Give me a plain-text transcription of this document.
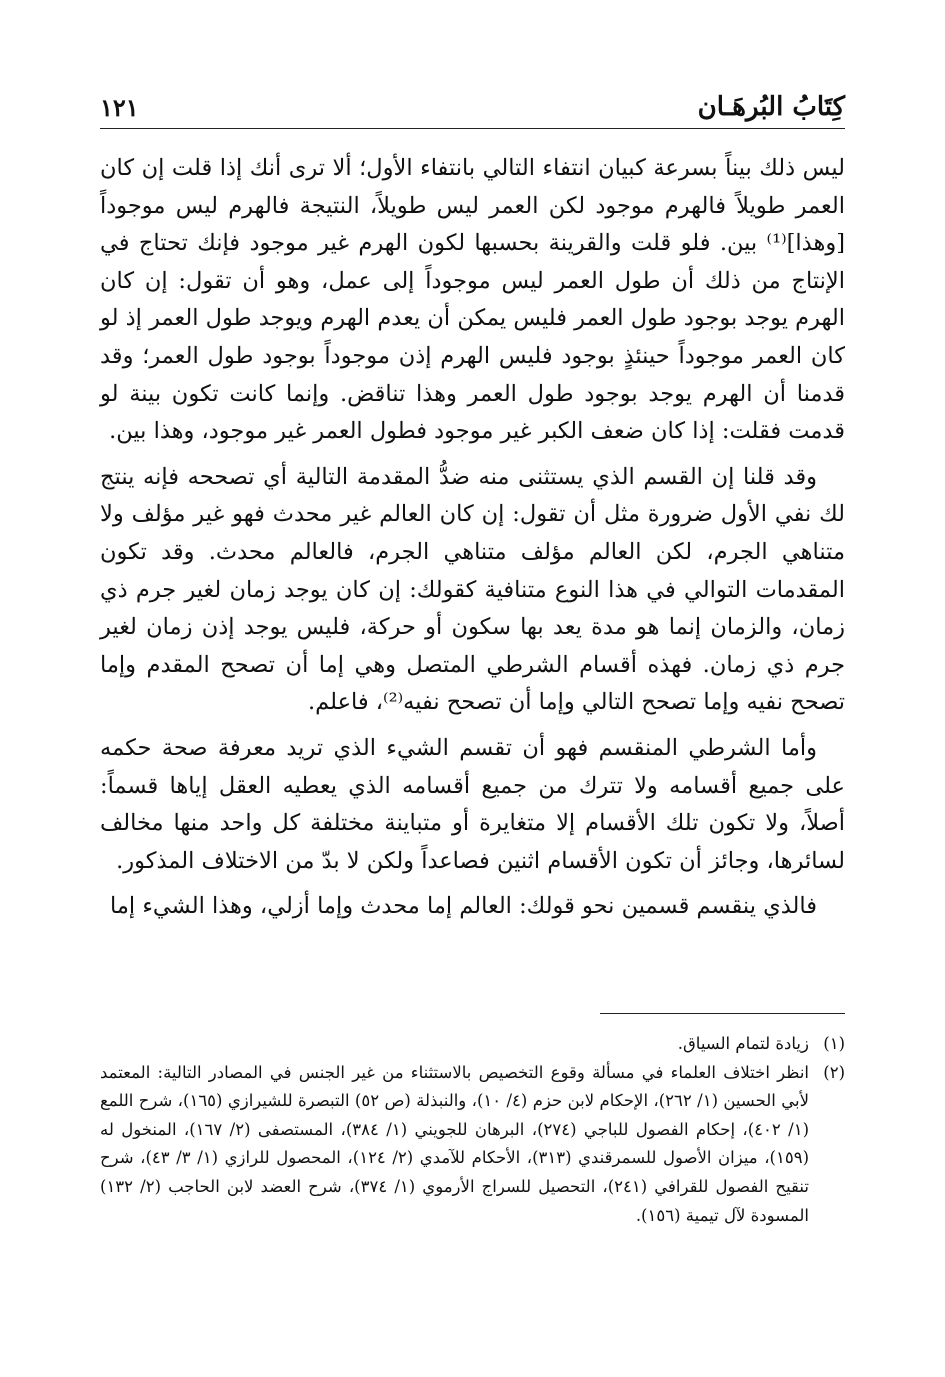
كِتَابُ البُرهَـان
١٢١

ليس ذلك بيناً بسرعة كبيان انتفاء التالي بانتفاء الأول؛ ألا ترى أنك إذا قلت إن كان العمر طويلاً فالهرم موجود لكن العمر ليس طويلاً، النتيجة فالهرم ليس موجوداً [وهذا]⁽¹⁾ بين. فلو قلت والقرينة بحسبها لكون الهرم غير موجود فإنك تحتاج في الإنتاج من ذلك أن طول العمر ليس موجوداً إلى عمل، وهو أن تقول: إن كان الهرم يوجد بوجود طول العمر فليس يمكن أن يعدم الهرم ويوجد طول العمر إذ لو كان العمر موجوداً حينئذٍ بوجود فليس الهرم إذن موجوداً بوجود طول العمر؛ وقد قدمنا أن الهرم يوجد بوجود طول العمر وهذا تناقض. وإنما كانت تكون بينة لو قدمت فقلت: إذا كان ضعف الكبر غير موجود فطول العمر غير موجود، وهذا بين.

وقد قلنا إن القسم الذي يستثنى منه ضدُّ المقدمة التالية أي تصححه فإنه ينتج لك نفي الأول ضرورة مثل أن تقول: إن كان العالم غير محدث فهو غير مؤلف ولا متناهي الجرم، لكن العالم مؤلف متناهي الجرم، فالعالم محدث. وقد تكون المقدمات التوالي في هذا النوع متنافية كقولك: إن كان يوجد زمان لغير جرم ذي زمان، والزمان إنما هو مدة يعد بها سكون أو حركة، فليس يوجد إذن زمان لغير جرم ذي زمان. فهذه أقسام الشرطي المتصل وهي إما أن تصحح المقدم وإما تصحح نفيه وإما تصحح التالي وإما أن تصحح نفيه⁽²⁾، فاعلم.

وأما الشرطي المنقسم فهو أن تقسم الشيء الذي تريد معرفة صحة حكمه على جميع أقسامه ولا تترك من جميع أقسامه الذي يعطيه العقل إياها قسماً: أصلاً، ولا تكون تلك الأقسام إلا متغايرة أو متباينة مختلفة كل واحد منها مخالف لسائرها، وجائز أن تكون الأقسام اثنين فصاعداً ولكن لا بدّ من الاختلاف المذكور.

فالذي ينقسم قسمين نحو قولك: العالم إما محدث وإما أزلي، وهذا الشيء إما

(١)
زيادة لتمام السياق.
(٢)
انظر اختلاف العلماء في مسألة وقوع التخصيص بالاستثناء من غير الجنس في المصادر التالية: المعتمد لأبي الحسين (١/ ٢٦٢)، الإحكام لابن حزم (٤/ ١٠)، والنبذلة (ص ٥٢) التبصرة للشيرازي (١٦٥)، شرح اللمع (١/ ٤٠٢)، إحكام الفصول للباجي (٢٧٤)، البرهان للجويني (١/ ٣٨٤)، المستصفى (٢/ ١٦٧)، المنخول له (١٥٩)، ميزان الأصول للسمرقندي (٣١٣)، الأحكام للآمدي (٢/ ١٢٤)، المحصول للرازي (١/ ٣/ ٤٣)، شرح تنقيح الفصول للقرافي (٢٤١)، التحصيل للسراج الأرموي (١/ ٣٧٤)، شرح العضد لابن الحاجب (٢/ ١٣٢) المسودة لآل تيمية (١٥٦).
